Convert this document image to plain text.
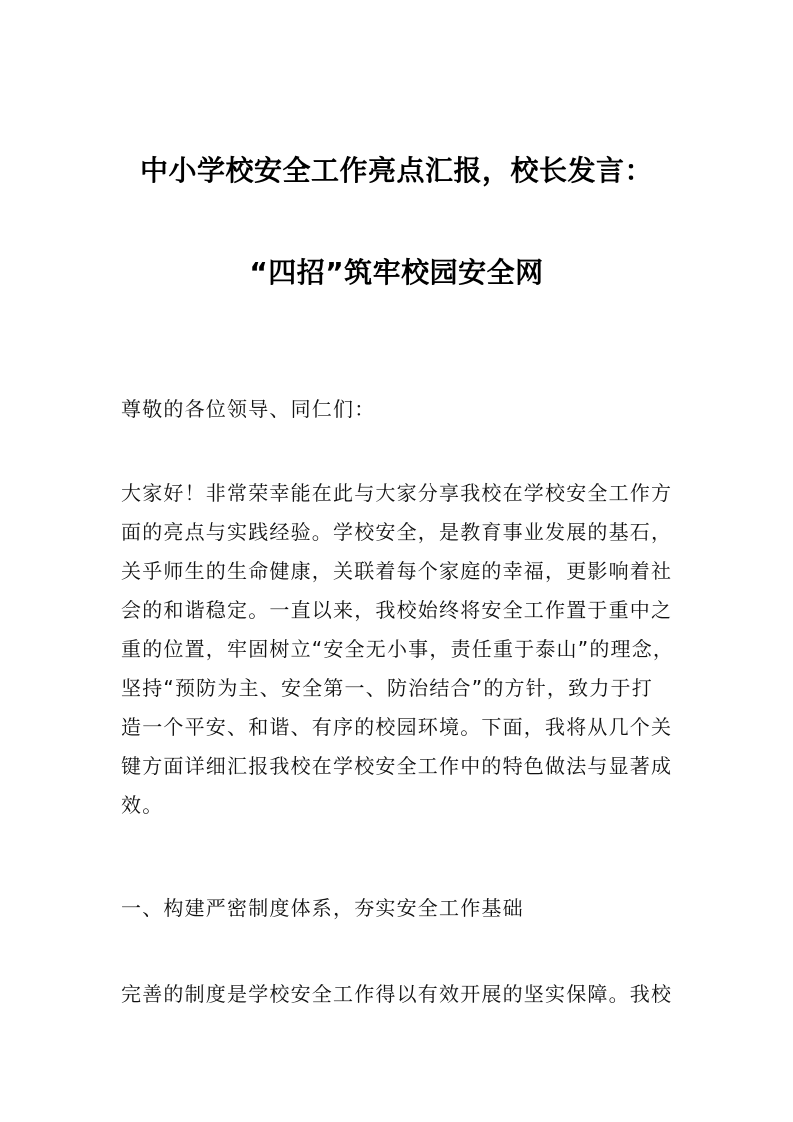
中小学校安全工作亮点汇报，校长发言：
“四招”筑牢校园安全网

尊敬的各位领导、同仁们：

大家好！非常荣幸能在此与大家分享我校在学校安全工作方
面的亮点与实践经验。学校安全，是教育事业发展的基石，
关乎师生的生命健康，关联着每个家庭的幸福，更影响着社
会的和谐稳定。一直以来，我校始终将安全工作置于重中之
重的位置，牢固树立“安全无小事，责任重于泰山”的理念，
坚持“预防为主、安全第一、防治结合”的方针，致力于打
造一个平安、和谐、有序的校园环境。下面，我将从几个关
键方面详细汇报我校在学校安全工作中的特色做法与显著成
效。

一、构建严密制度体系，夯实安全工作基础

完善的制度是学校安全工作得以有效开展的坚实保障。我校
